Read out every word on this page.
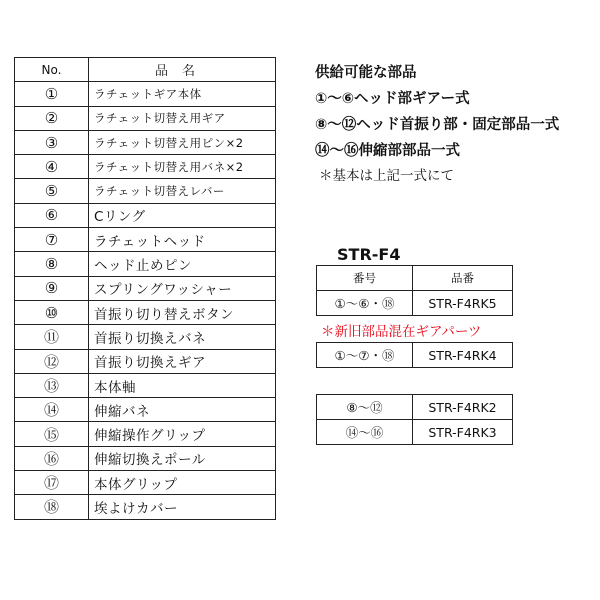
No.	品名
①	ラチェットギア本体
②	ラチェット切替え用ギア
③	ラチェット切替え用ピン×2
④	ラチェット切替え用バネ×2
⑤	ラチェット切替えレバー
⑥	Cリング
⑦	ラチェットヘッド
⑧	ヘッド止めピン
⑨	スプリングワッシャー
⑩	首振り切り替えボタン
⑪	首振り切換えバネ
⑫	首振り切換えギア
⑬	本体軸
⑭	伸縮バネ
⑮	伸縮操作グリップ
⑯	伸縮切換えポール
⑰	本体グリップ
⑱	埃よけカバー
供給可能な部品
①〜⑥ヘッド部ギアー式
⑧〜⑫ヘッド首振り部・固定部品一式
⑭〜⑯伸縮部部品一式
＊基本は上記一式にて
STR-F4
番号	品番
①〜⑥・⑱	STR-F4RK5
＊新旧部品混在ギアパーツ
①〜⑦・⑱	STR-F4RK4
⑧〜⑫	STR-F4RK2
⑭〜⑯	STR-F4RK3
